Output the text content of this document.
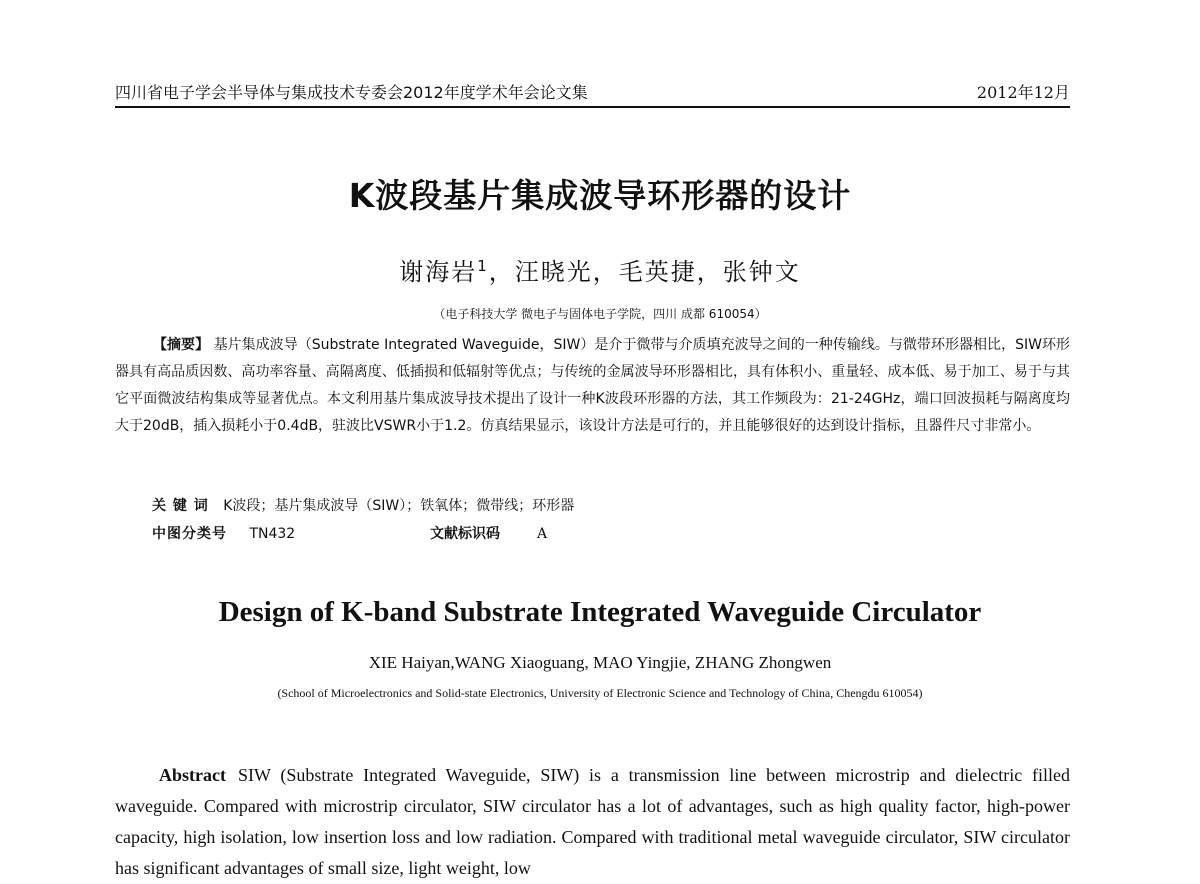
四川省电子学会半导体与集成技术专委会2012年度学术年会论文集	2012年12月
K波段基片集成波导环形器的设计
谢海岩$^1$，汪晓光，毛英捷，张钟文
（电子科技大学 微电子与固体电子学院，四川 成都 610054）
【摘要】 基片集成波导（Substrate Integrated Waveguide，SIW）是介于微带与介质填充波导之间的一种传输线。与微带环形器相比，SIW环形器具有高品质因数、高功率容量、高隔离度、低插损和低辐射等优点；与传统的金属波导环形器相比，具有体积小、重量轻、成本低、易于加工、易于与其它平面微波结构集成等显著优点。本文利用基片集成波导技术提出了设计一种K波段环形器的方法，其工作频段为：21-24GHz，端口回波损耗与隔离度均大于20dB，插入损耗小于0.4dB，驻波比VSWR小于1.2。仿真结果显示，该设计方法是可行的，并且能够很好的达到设计指标，且器件尺寸非常小。
关 键 词 K波段；基片集成波导（SIW）；铁氧体；微带线；环形器
中图分类号 TN432	文献标识码	A
Design of K-band Substrate Integrated Waveguide Circulator
XIE Haiyan,WANG Xiaoguang, MAO Yingjie, ZHANG Zhongwen
(School of Microelectronics and Solid-state Electronics, University of Electronic Science and Technology of China, Chengdu 610054)
Abstract SIW (Substrate Integrated Waveguide, SIW) is a transmission line between microstrip and dielectric filled waveguide. Compared with microstrip circulator, SIW circulator has a lot of advantages, such as high quality factor, high-power capacity, high isolation, low insertion loss and low radiation. Compared with traditional metal waveguide circulator, SIW circulator has significant advantages of small size, light weight, low
